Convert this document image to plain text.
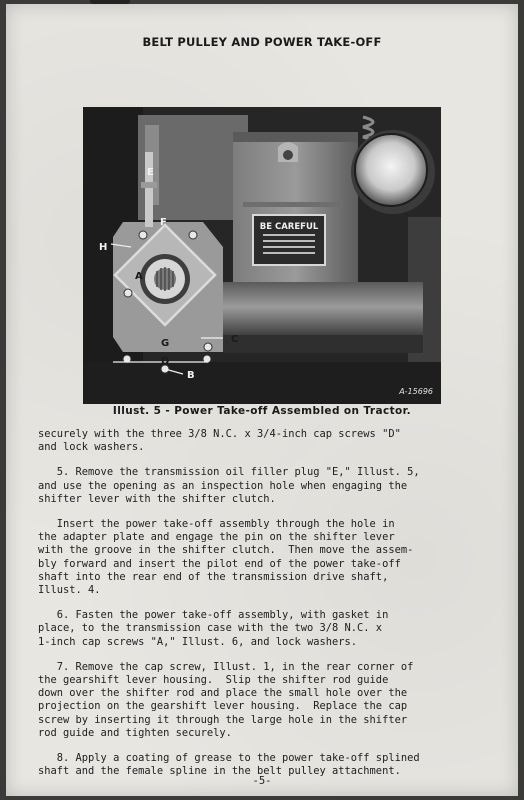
BELT PULLEY AND POWER TAKE-OFF
BE CAREFUL
E
F
H
A
C
G
D
B
A-15696
Illust. 5 - Power Take-off Assembled on Tractor.

securely with the three 3/8 N.C. x 3/4-inch cap screws "D"
and lock washers.

5. Remove the transmission oil filler plug "E," Illust. 5,
and use the opening as an inspection hole when engaging the
shifter lever with the shifter clutch.

Insert the power take-off assembly through the hole in
the adapter plate and engage the pin on the shifter lever
with the groove in the shifter clutch.  Then move the assem-
bly forward and insert the pilot end of the power take-off
shaft into the rear end of the transmission drive shaft,
Illust. 4.

6. Fasten the power take-off assembly, with gasket in
place, to the transmission case with the two 3/8 N.C. x
1-inch cap screws "A," Illust. 6, and lock washers.

7. Remove the cap screw, Illust. 1, in the rear corner of
the gearshift lever housing.  Slip the shifter rod guide
down over the shifter rod and place the small hole over the
projection on the gearshift lever housing.  Replace the cap
screw by inserting it through the large hole in the shifter
rod guide and tighten securely.

8. Apply a coating of grease to the power take-off splined
shaft and the female spline in the belt pulley attachment.

-5-
